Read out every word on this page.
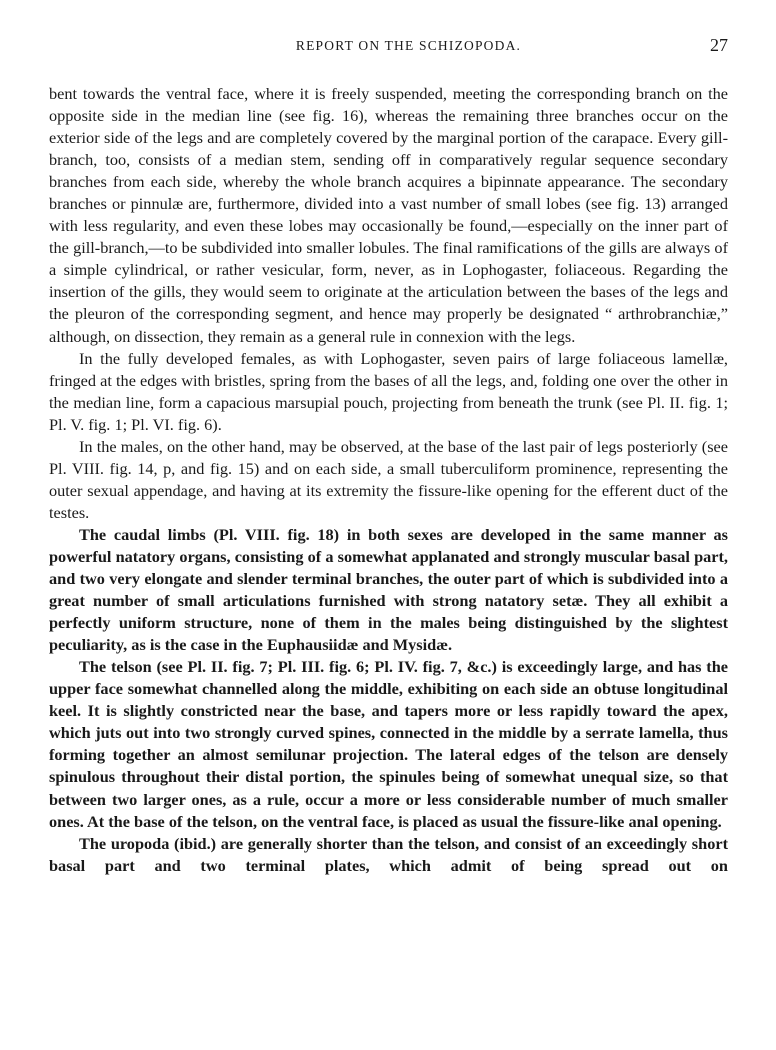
REPORT ON THE SCHIZOPODA.	27

bent towards the ventral face, where it is freely suspended, meeting the corresponding branch on the opposite side in the median line (see fig. 16), whereas the remaining three branches occur on the exterior side of the legs and are completely covered by the marginal portion of the carapace. Every gill-branch, too, consists of a median stem, sending off in comparatively regular sequence secondary branches from each side, whereby the whole branch acquires a bipinnate appearance. The secondary branches or pinnulæ are, furthermore, divided into a vast number of small lobes (see fig. 13) arranged with less regularity, and even these lobes may occasionally be found,—especially on the inner part of the gill-branch,—to be subdivided into smaller lobules. The final ramifications of the gills are always of a simple cylindrical, or rather vesicular, form, never, as in Lophogaster, foliaceous. Regarding the insertion of the gills, they would seem to originate at the articulation between the bases of the legs and the pleuron of the corresponding segment, and hence may properly be designated “ arthrobranchiæ,” although, on dissection, they remain as a general rule in connexion with the legs.

In the fully developed females, as with Lophogaster, seven pairs of large foliaceous lamellæ, fringed at the edges with bristles, spring from the bases of all the legs, and, folding one over the other in the median line, form a capacious marsupial pouch, projecting from beneath the trunk (see Pl. II. fig. 1; Pl. V. fig. 1; Pl. VI. fig. 6).

In the males, on the other hand, may be observed, at the base of the last pair of legs posteriorly (see Pl. VIII. fig. 14, p, and fig. 15) and on each side, a small tuberculiform prominence, representing the outer sexual appendage, and having at its extremity the fissure-like opening for the efferent duct of the testes.

The caudal limbs (Pl. VIII. fig. 18) in both sexes are developed in the same manner as powerful natatory organs, consisting of a somewhat applanated and strongly muscular basal part, and two very elongate and slender terminal branches, the outer part of which is subdivided into a great number of small articulations furnished with strong natatory setæ. They all exhibit a perfectly uniform structure, none of them in the males being distinguished by the slightest peculiarity, as is the case in the Euphausiidæ and Mysidæ.

The telson (see Pl. II. fig. 7; Pl. III. fig. 6; Pl. IV. fig. 7, &c.) is exceedingly large, and has the upper face somewhat channelled along the middle, exhibiting on each side an obtuse longitudinal keel. It is slightly constricted near the base, and tapers more or less rapidly toward the apex, which juts out into two strongly curved spines, connected in the middle by a serrate lamella, thus forming together an almost semilunar projection. The lateral edges of the telson are densely spinulous throughout their distal portion, the spinules being of somewhat unequal size, so that between two larger ones, as a rule, occur a more or less considerable number of much smaller ones. At the base of the telson, on the ventral face, is placed as usual the fissure-like anal opening.

The uropoda (ibid.) are generally shorter than the telson, and consist of an exceedingly short basal part and two terminal plates, which admit of being spread out on
